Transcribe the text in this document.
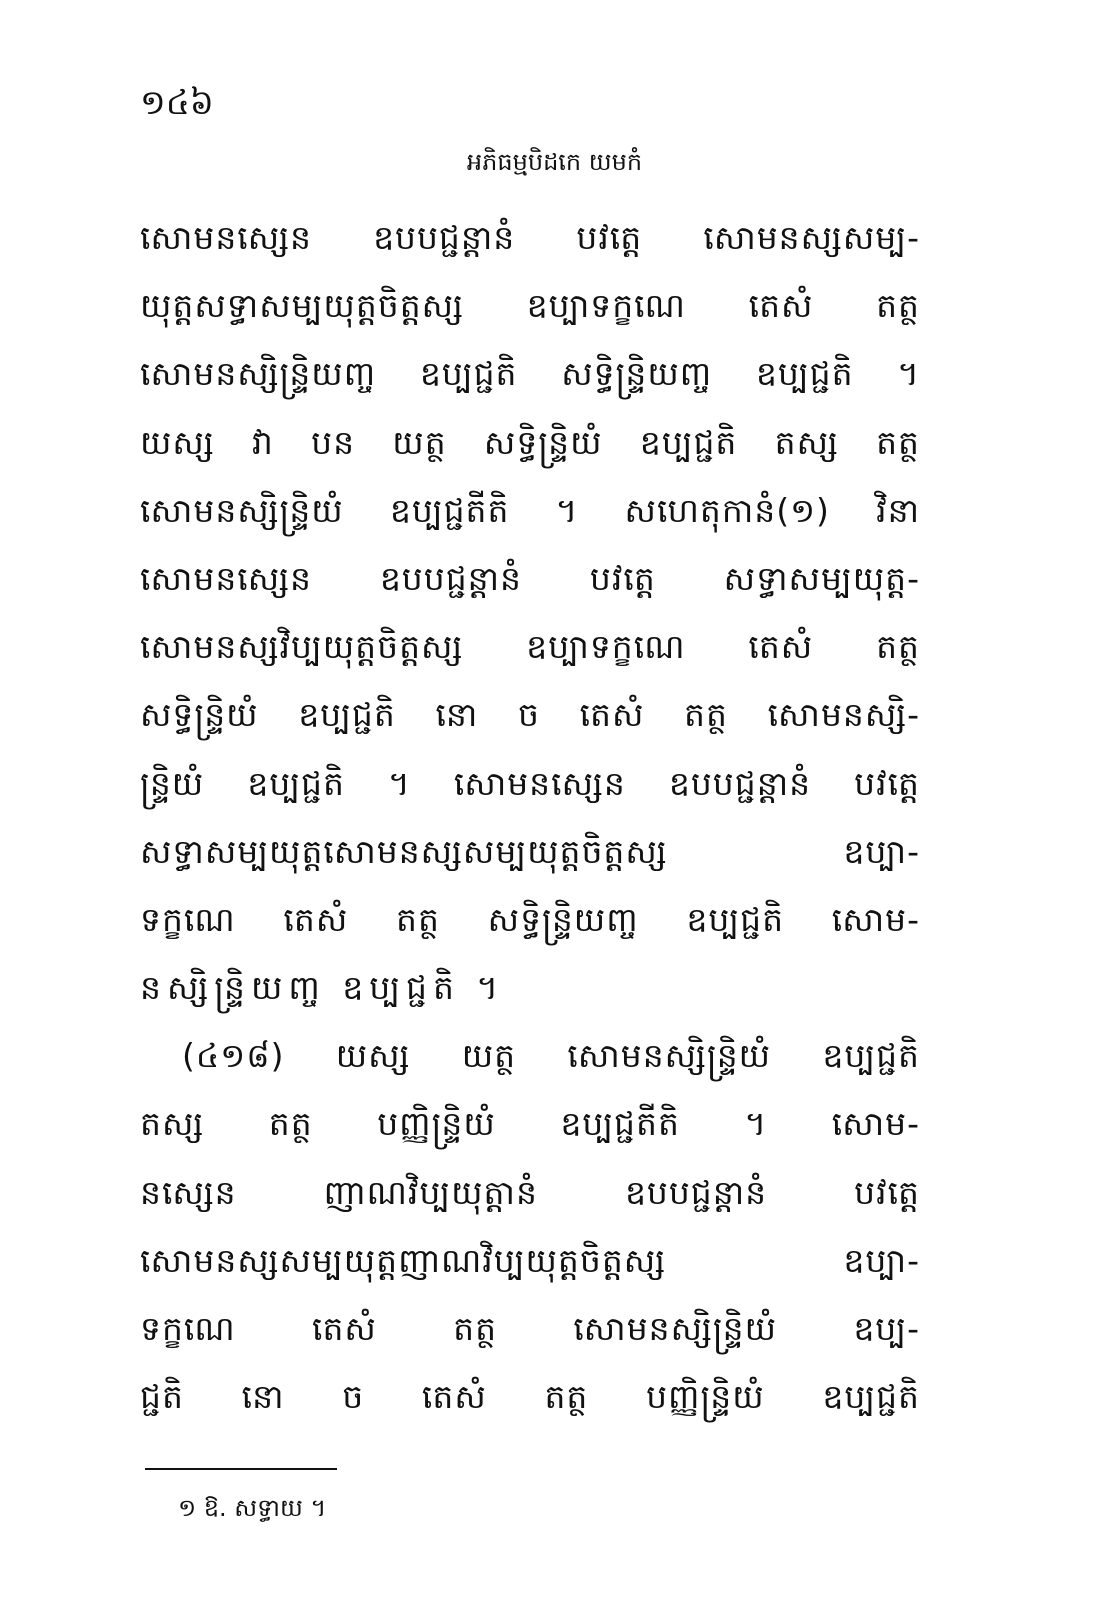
១៤៦
អភិធម្មបិដកេ យមកំ
សោមនស្សេន ឧបបជ្ជន្តានំ បវត្តេ សោមនស្សសម្ប-
យុត្តសទ្ធាសម្បយុត្តចិត្តស្ស ឧប្បាទក្ខណេ តេសំ តត្ថ
សោមនស្សិន្ទ្រិយញ្ច ឧប្បជ្ជតិ សទ្ធិន្ទ្រិយញ្ច ឧប្បជ្ជតិ ។
យស្ស វា បន យត្ថ សទ្ធិន្ទ្រិយំ ឧប្បជ្ជតិ តស្ស តត្ថ
សោមនស្សិន្ទ្រិយំ ឧប្បជ្ជតីតិ ។ សហេតុកានំ(១) វិនា
សោមនស្សេន ឧបបជ្ជន្តានំ បវត្តេ សទ្ធាសម្បយុត្ត-
សោមនស្សវិប្បយុត្តចិត្តស្ស ឧប្បាទក្ខណេ តេសំ តត្ថ
សទ្ធិន្ទ្រិយំ ឧប្បជ្ជតិ នោ ច តេសំ តត្ថ សោមនស្សិ-
ន្ទ្រិយំ ឧប្បជ្ជតិ ។ សោមនស្សេន ឧបបជ្ជន្តានំ បវត្តេ
សទ្ធាសម្បយុត្តសោមនស្សសម្បយុត្តចិត្តស្ស ឧប្បា-
ទក្ខណេ តេសំ តត្ថ សទ្ធិន្ទ្រិយញ្ច ឧប្បជ្ជតិ សោម-
នស្សិន្ទ្រិយញ្ច ឧប្បជ្ជតិ ។
(៤១៨) យស្ស យត្ថ សោមនស្សិន្ទ្រិយំ ឧប្បជ្ជតិ
តស្ស តត្ថ បញ្ញិន្ទ្រិយំ ឧប្បជ្ជតីតិ ។ សោម-
នស្សេន ញាណវិប្បយុត្តានំ ឧបបជ្ជន្តានំ បវត្តេ
សោមនស្សសម្បយុត្តញាណវិប្បយុត្តចិត្តស្ស ឧប្បា-
ទក្ខណេ តេសំ តត្ថ សោមនស្សិន្ទ្រិយំ ឧប្ប-
ជ្ជតិ នោ ច តេសំ តត្ថ បញ្ញិន្ទ្រិយំ ឧប្បជ្ជតិ
១ ឱ. សទ្ធាយ ។
